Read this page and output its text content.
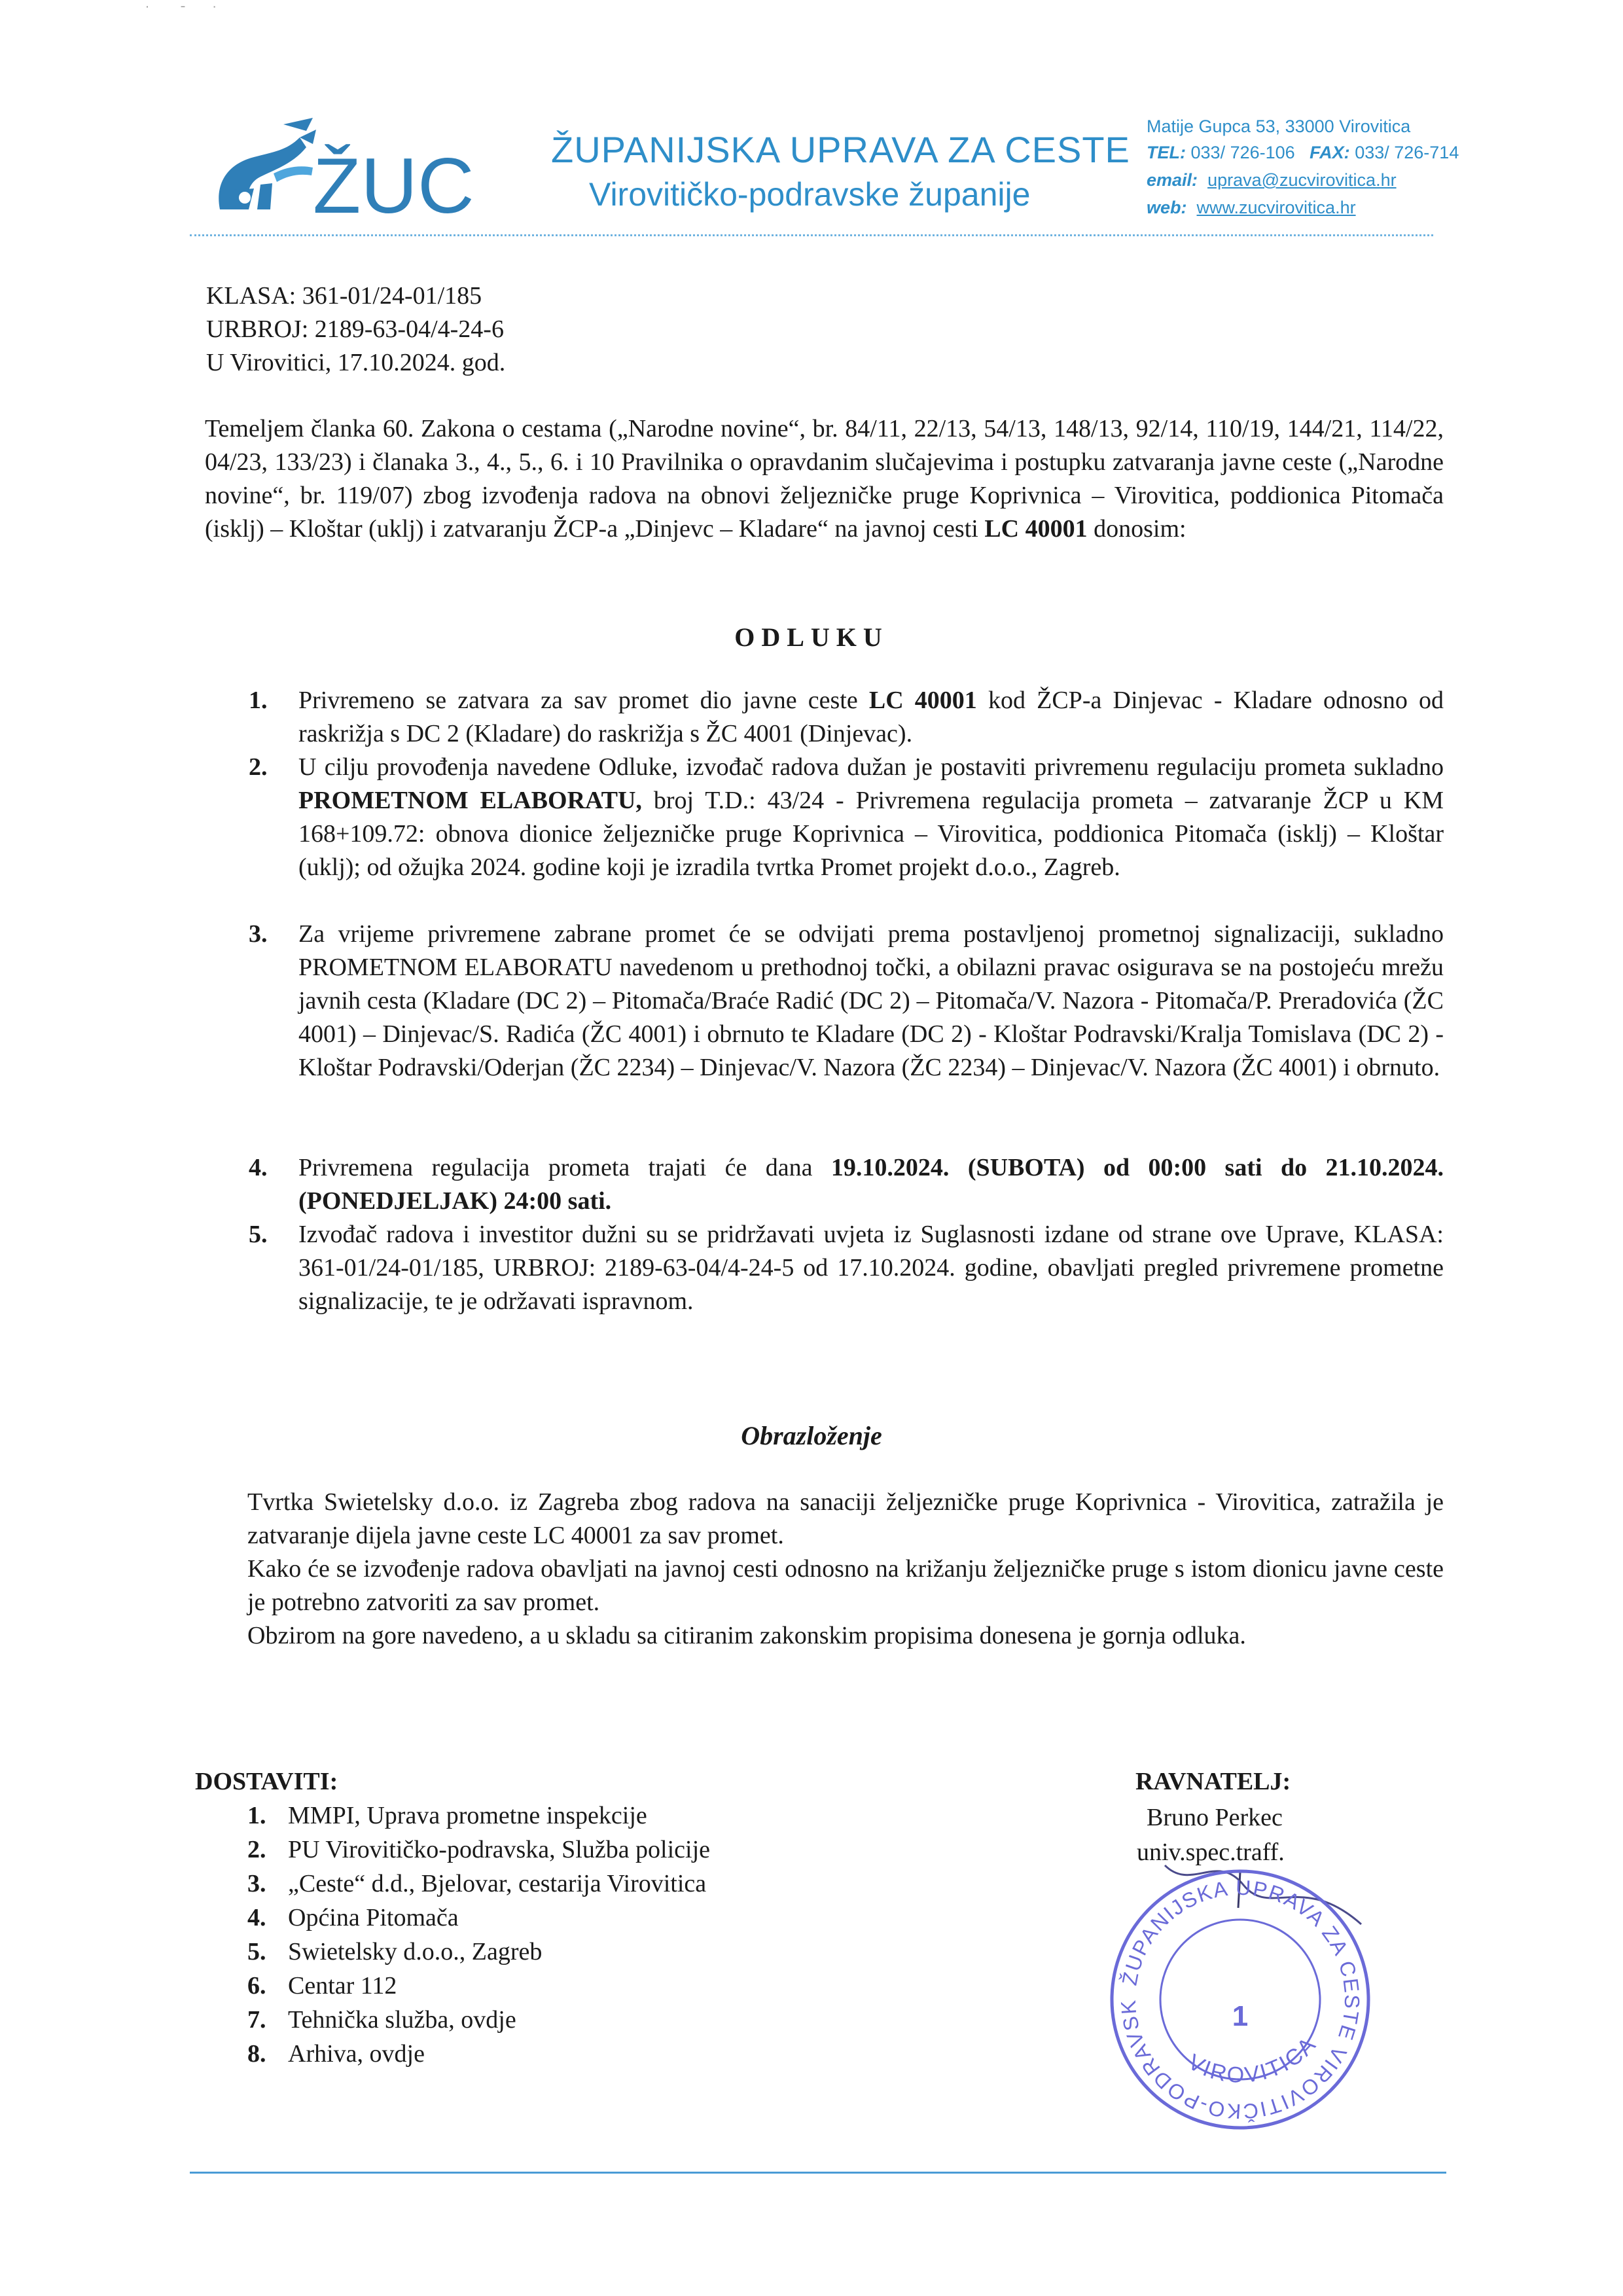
˙       ˉ      ˙
ŽUC ŽUPANIJSKA UPRAVA ZA CESTE
Virovitičko-podravske županije
Matije Gupca 53, 33000 Virovitica
TEL: 033/ 726-106 FAX: 033/ 726-714
email: uprava@zucvirovitica.hr
web: www.zucvirovitica.hr
KLASA: 361-01/24-01/185
URBROJ: 2189-63-04/4-24-6
U Virovitici, 17.10.2024. god.
Temeljem članka 60. Zakona o cestama („Narodne novine“, br. 84/11, 22/13, 54/13, 148/13, 92/14, 110/19, 144/21, 114/22, 04/23, 133/23) i članaka 3., 4., 5., 6. i 10 Pravilnika o opravdanim slučajevima i postupku zatvaranja javne ceste („Narodne novine“, br. 119/07) zbog izvođenja radova na obnovi željezničke pruge Koprivnica – Virovitica, poddionica Pitomača (isklj) – Kloštar (uklj) i zatvaranju ŽCP-a „Dinjevc – Kladare“ na javnoj cesti LC 40001 donosim:
ODLUKU
1. Privremeno se zatvara za sav promet dio javne ceste LC 40001 kod ŽCP-a Dinjevac - Kladare odnosno od raskrižja s DC 2 (Kladare) do raskrižja s ŽC 4001 (Dinjevac).
2. U cilju provođenja navedene Odluke, izvođač radova dužan je postaviti privremenu regulaciju prometa sukladno PROMETNOM ELABORATU, broj T.D.: 43/24 - Privremena regulacija prometa – zatvaranje ŽCP u KM 168+109.72: obnova dionice željezničke pruge Koprivnica – Virovitica, poddionica Pitomača (isklj) – Kloštar (uklj); od ožujka 2024. godine koji je izradila tvrtka Promet projekt d.o.o., Zagreb.
3. Za vrijeme privremene zabrane promet će se odvijati prema postavljenoj prometnoj signalizaciji, sukladno PROMETNOM ELABORATU navedenom u prethodnoj točki, a obilazni pravac osigurava se na postojeću mrežu javnih cesta (Kladare (DC 2) – Pitomača/Braće Radić (DC 2) – Pitomača/V. Nazora - Pitomača/P. Preradovića (ŽC 4001) – Dinjevac/S. Radića (ŽC 4001) i obrnuto te Kladare (DC 2) - Kloštar Podravski/Kralja Tomislava (DC 2) - Kloštar Podravski/Oderjan (ŽC 2234) – Dinjevac/V. Nazora (ŽC 2234) – Dinjevac/V. Nazora (ŽC 4001) i obrnuto.
4. Privremena regulacija prometa trajati će dana 19.10.2024. (SUBOTA) od 00:00 sati do 21.10.2024. (PONEDJELJAK) 24:00 sati.
5. Izvođač radova i investitor dužni su se pridržavati uvjeta iz Suglasnosti izdane od strane ove Uprave, KLASA: 361-01/24-01/185, URBROJ: 2189-63-04/4-24-5 od 17.10.2024. godine, obavljati pregled privremene prometne signalizacije, te je održavati ispravnom.
Obrazloženje
Tvrtka Swietelsky d.o.o. iz Zagreba zbog radova na sanaciji željezničke pruge Koprivnica - Virovitica, zatražila je zatvaranje dijela javne ceste LC 40001 za sav promet.
Kako će se izvođenje radova obavljati na javnoj cesti odnosno na križanju željezničke pruge s istom dionicu javne ceste je potrebno zatvoriti za sav promet.
Obzirom na gore navedeno, a u skladu sa citiranim zakonskim propisima donesena je gornja odluka.
DOSTAVITI:
1. MMPI, Uprava prometne inspekcije
2. PU Virovitičko-podravska, Služba policije
3. „Ceste“ d.d., Bjelovar, cestarija Virovitica
4. Općina Pitomača
5. Swietelsky d.o.o., Zagreb
6. Centar 112
7. Tehnička služba, ovdje
8. Arhiva, ovdje
RAVNATELJ:
Bruno Perkec
univ.spec.traff.
ŽUPANIJSKA UPRAVA ZA CESTE VIROVITIČKO-PODRAVSK
VIROVITICA
1
